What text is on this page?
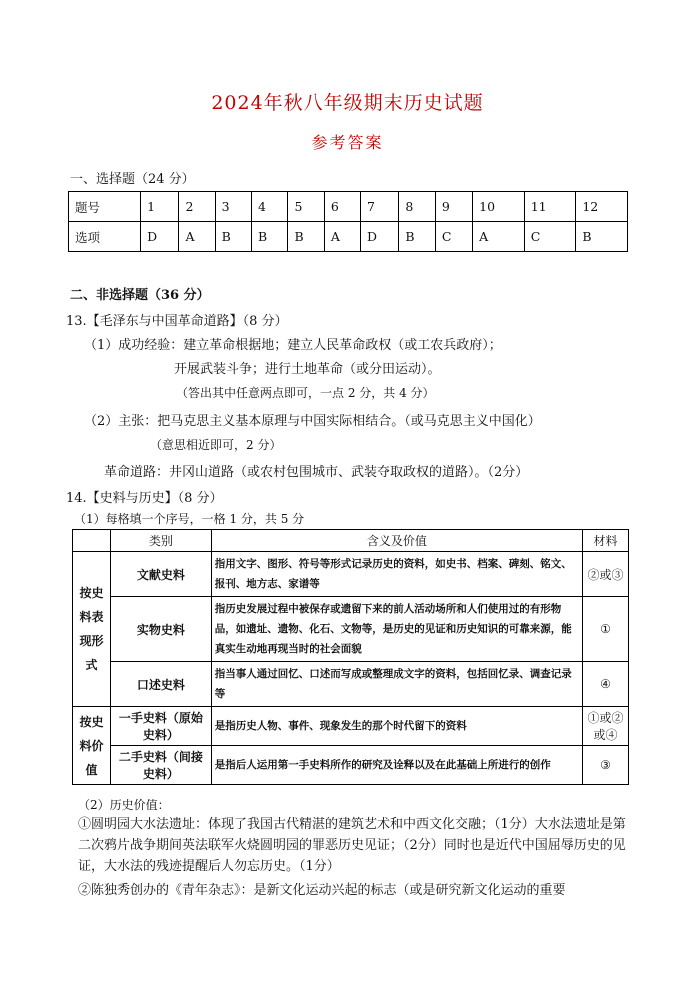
2024年秋八年级期末历史试题
参考答案
一、选择题（24 分）
题号	1	2	3	4	5	6	7	8	9	10	11	12
选项	D	A	B	B	B	A	D	B	C	A	C	B
二、非选择题（36 分）
13.【毛泽东与中国革命道路】（8 分）
（1）成功经验：建立革命根据地；建立人民革命政权（或工农兵政府）；
开展武装斗争；进行土地革命（或分田运动）。
（答出其中任意两点即可，一点 2 分，共 4 分）
（2）主张：把马克思主义基本原理与中国实际相结合。（或马克思主义中国化）
（意思相近即可，2 分）
革命道路：井冈山道路（或农村包围城市、武装夺取政权的道路）。（2分）
14.【史料与历史】（8 分）
（1）每格填一个序号，一格 1 分，共 5 分
	类别	含义及价值	材料
按史料表现形式	文献史料	指用文字、图形、符号等形式记录历史的资料，如史书、档案、碑刻、铭文、报刊、地方志、家谱等	②或③
	实物史料	指历史发展过程中被保存或遗留下来的前人活动场所和人们使用过的有形物品，如遗址、遗物、化石、文物等，是历史的见证和历史知识的可靠来源，能真实生动地再现当时的社会面貌	①
	口述史料	指当事人通过回忆、口述而写成或整理成文字的资料，包括回忆录、调查记录等	④
按史料价值	一手史料（原始史料）	是指历史人物、事件、现象发生的那个时代留下的资料	①或②或④
	二手史料（间接史料）	是指后人运用第一手史料所作的研究及诠释以及在此基础上所进行的创作	③
（2）历史价值：
①圆明园大水法遗址：体现了我国古代精湛的建筑艺术和中西文化交融；（1分）大水法遗址是第二次鸦片战争期间英法联军火烧圆明园的罪恶历史见证；（2分）同时也是近代中国屈辱历史的见证，大水法的残迹提醒后人勿忘历史。（1分）
②陈独秀创办的《青年杂志》：是新文化运动兴起的标志（或是研究新文化运动的重要
